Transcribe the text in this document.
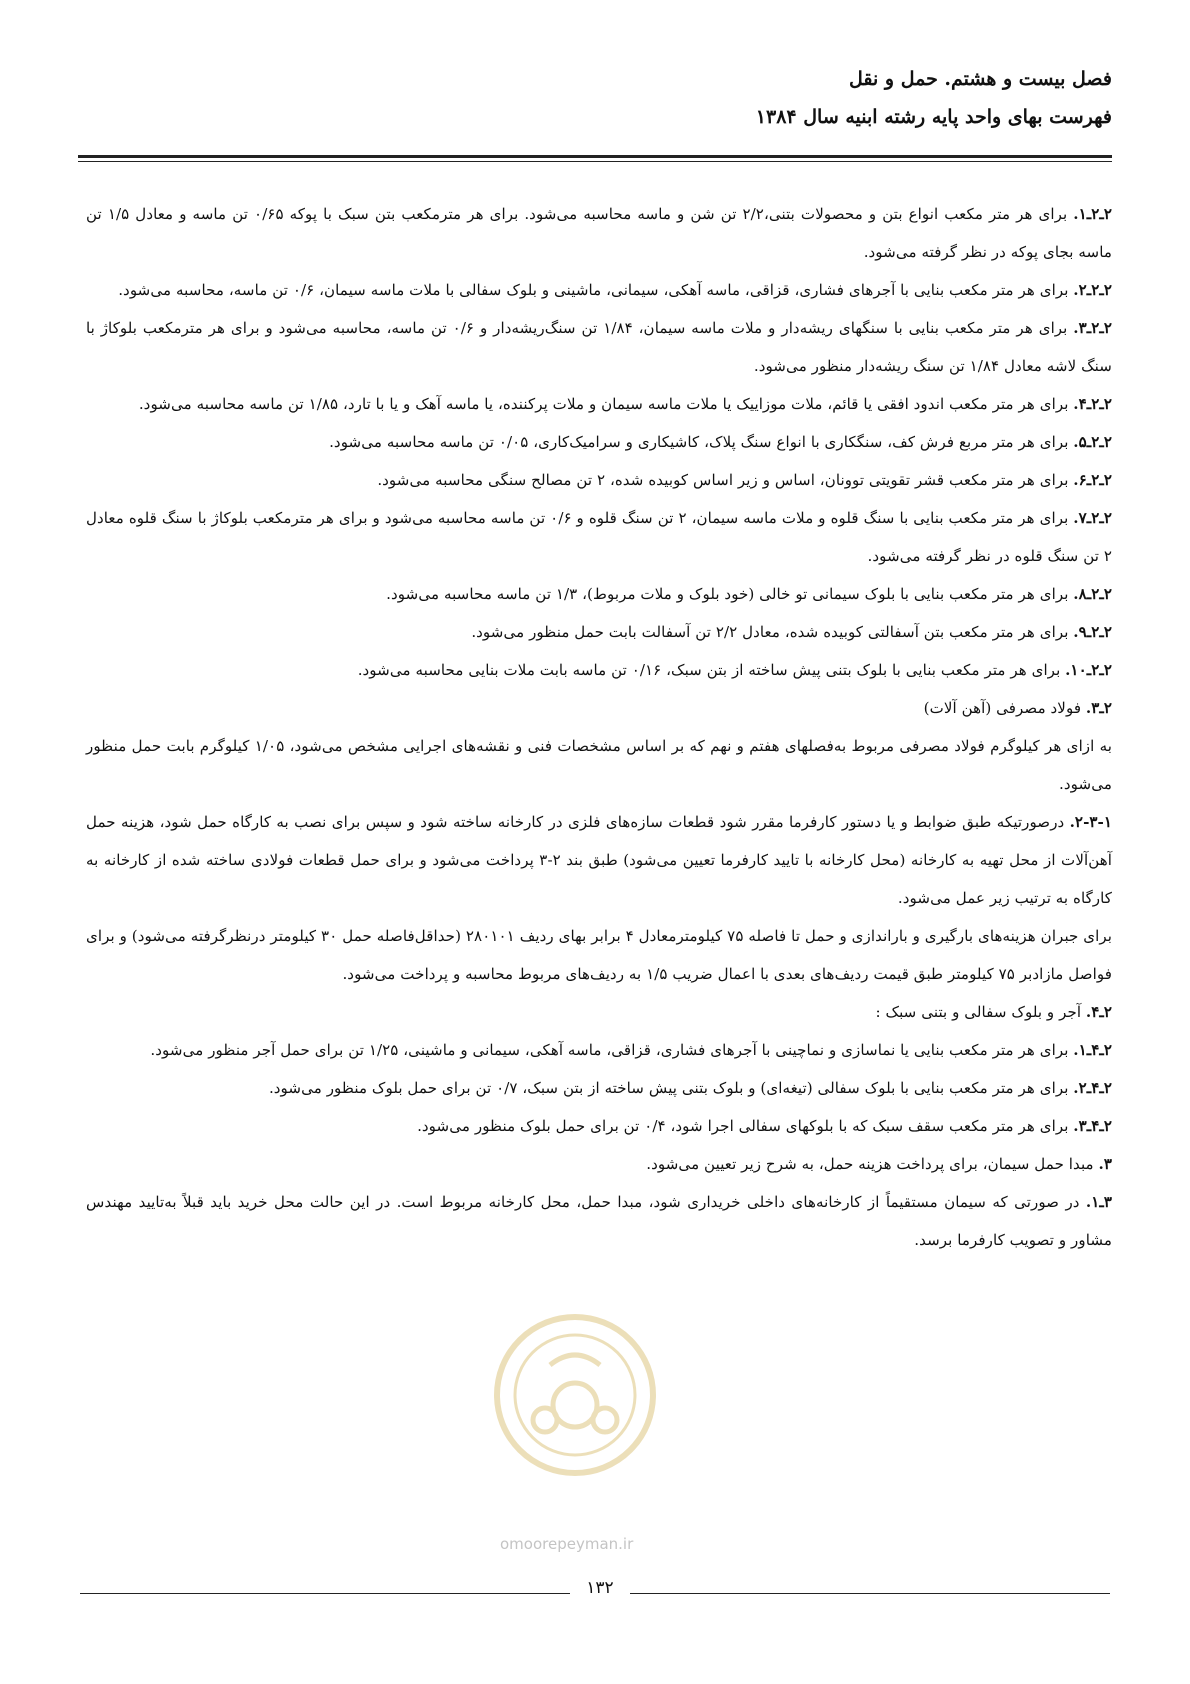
فصل بیست و هشتم. حمل و نقل
فهرست بهای واحد پایه رشته ابنیه سال ۱۳۸۴

۲ـ۲ـ۱. برای هر متر مکعب انواع بتن و محصولات بتنی،۲/۲ تن شن و ماسه محاسبه می‌شود. برای هر مترمکعب بتن سبک با پوکه ۰/۶۵ تن ماسه و معادل ۱/۵ تن ماسه بجای پوکه در نظر گرفته می‌شود.

۲ـ۲ـ۲. برای هر متر مکعب بنایی با آجرهای فشاری، قزاقی، ماسه آهکی، سیمانی، ماشینی و بلوک سفالی با ملات ماسه سیمان، ۰/۶ تن ماسه، محاسبه می‌شود.

۲ـ۲ـ۳. برای هر متر مکعب بنایی با سنگهای ریشه‌دار و ملات ماسه سیمان، ۱/۸۴ تن سنگ‌ریشه‌دار و ۰/۶ تن ماسه، محاسبه می‌شود و برای هر مترمکعب بلوکاژ با سنگ لاشه معادل ۱/۸۴ تن سنگ ریشه‌دار منظور می‌شود.

۲ـ۲ـ۴. برای هر متر مکعب اندود افقی یا قائم، ملات موزاییک یا ملات ماسه سیمان و ملات پرکننده، یا ماسه آهک و یا با تارد، ۱/۸۵ تن ماسه محاسبه می‌شود.

۲ـ۲ـ۵. برای هر متر مربع فرش کف، سنگکاری با انواع سنگ پلاک، کاشیکاری و سرامیک‌کاری، ۰/۰۵ تن ماسه محاسبه می‌شود.

۲ـ۲ـ۶. برای هر متر مکعب قشر تقویتی توونان، اساس و زیر اساس کوبیده شده، ۲ تن مصالح سنگی محاسبه می‌شود.

۲ـ۲ـ۷. برای هر متر مکعب بنایی با سنگ قلوه و ملات ماسه سیمان، ۲ تن سنگ قلوه و ۰/۶ تن ماسه محاسبه می‌شود و برای هر مترمکعب بلوکاژ با سنگ قلوه معادل ۲ تن سنگ قلوه در نظر گرفته می‌شود.

۲ـ۲ـ۸. برای هر متر مکعب بنایی با بلوک سیمانی تو خالی (خود بلوک و ملات مربوط)، ۱/۳ تن ماسه محاسبه می‌شود.

۲ـ۲ـ۹. برای هر متر مکعب بتن آسفالتی کوبیده شده، معادل ۲/۲ تن آسفالت بابت حمل منظور می‌شود.

۲ـ۲ـ۱۰. برای هر متر مکعب بنایی با بلوک بتنی پیش ساخته از بتن سبک، ۰/۱۶ تن ماسه بابت ملات بنایی محاسبه می‌شود.

۲ـ۳. فولاد مصرفی (آهن آلات)

به ازای هر کیلوگرم فولاد مصرفی مربوط به‌فصلهای هفتم و نهم که بر اساس مشخصات فنی و نقشه‌های اجرایی مشخص می‌شود، ۱/۰۵ کیلوگرم بابت حمل منظور می‌شود.

۲-۳-۱. درصورتیکه طبق ضوابط و یا دستور کارفرما مقرر شود قطعات سازه‌های فلزی در کارخانه ساخته شود و سپس برای نصب به کارگاه حمل شود، هزینه حمل آهن‌آلات از محل تهیه به کارخانه (محل کارخانه با تایید کارفرما تعیین می‌شود) طبق بند ۲-۳ پرداخت می‌شود و برای حمل قطعات فولادی ساخته شده از کارخانه به کارگاه به ترتیب زیر عمل می‌شود.

برای جبران هزینه‌های بارگیری و باراندازی و حمل تا فاصله ۷۵ کیلومترمعادل ۴ برابر بهای ردیف ۲۸۰۱۰۱ (حداقل‌فاصله حمل ۳۰ کیلومتر درنظرگرفته می‌شود) و برای فواصل مازادبر ۷۵ کیلومتر طبق قیمت ردیف‌های بعدی با اعمال ضریب ۱/۵ به ردیف‌های مربوط محاسبه و پرداخت می‌شود.

۲ـ۴. آجر و بلوک سفالی و بتنی سبک :

۲ـ۴ـ۱. برای هر متر مکعب بنایی یا نماسازی و نماچینی با آجرهای فشاری، قزاقی، ماسه آهکی، سیمانی و ماشینی، ۱/۲۵ تن برای حمل آجر منظور می‌شود.

۲ـ۴ـ۲. برای هر متر مکعب بنایی با بلوک سفالی (تیغه‌ای) و بلوک بتنی پیش ساخته از بتن سبک، ۰/۷ تن برای حمل بلوک منظور می‌شود.

۲ـ۴ـ۳. برای هر متر مکعب سقف سبک که با بلوکهای سفالی اجرا شود، ۰/۴ تن برای حمل بلوک منظور می‌شود.

۳. مبدا حمل سیمان، برای پرداخت هزینه حمل، به شرح زیر تعیین می‌شود.

۳ـ۱. در صورتی که سیمان مستقیماً از کارخانه‌های داخلی خریداری شود، مبدا حمل، محل کارخانه مربوط است. در این حالت محل خرید باید قبلاً به‌تایید مهندس مشاور و تصویب کارفرما برسد.

omoorepeyman.ir
۱۳۲
